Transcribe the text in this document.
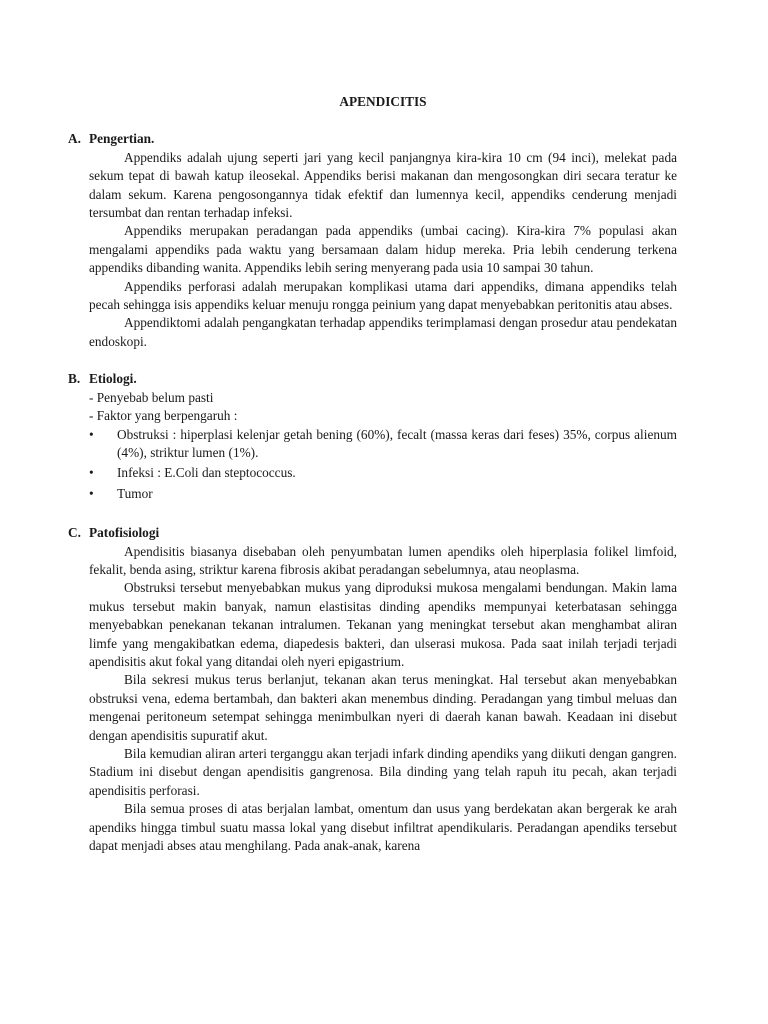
APENDICITIS

A. Pengertian.

Appendiks adalah ujung seperti jari yang kecil panjangnya kira-kira 10 cm (94 inci), melekat pada sekum tepat di bawah katup ileosekal. Appendiks berisi makanan dan mengosongkan diri secara teratur ke dalam sekum. Karena pengosongannya tidak efektif dan lumennya kecil, appendiks cenderung menjadi tersumbat dan rentan terhadap infeksi.

Appendiks merupakan peradangan pada appendiks (umbai cacing). Kira-kira 7% populasi akan mengalami appendiks pada waktu yang bersamaan dalam hidup mereka. Pria lebih cenderung terkena appendiks dibanding wanita. Appendiks lebih sering menyerang pada usia 10 sampai 30 tahun.

Appendiks perforasi adalah merupakan komplikasi utama dari appendiks, dimana appendiks telah pecah sehingga isis appendiks keluar menuju rongga peinium yang dapat menyebabkan peritonitis atau abses.

Appendiktomi adalah pengangkatan terhadap appendiks terimplamasi dengan prosedur atau pendekatan endoskopi.

B. Etiologi.

- Penyebab belum pasti

- Faktor yang berpengaruh :

• Obstruksi : hiperplasi kelenjar getah bening (60%), fecalt (massa keras dari feses) 35%, corpus alienum (4%), striktur lumen (1%).
• Infeksi : E.Coli dan steptococcus.
• Tumor

C. Patofisiologi

Apendisitis biasanya disebaban oleh penyumbatan lumen apendiks oleh hiperplasia folikel limfoid, fekalit, benda asing, striktur karena fibrosis akibat peradangan sebelumnya, atau neoplasma.

Obstruksi tersebut menyebabkan mukus yang diproduksi mukosa mengalami bendungan. Makin lama mukus tersebut makin banyak, namun elastisitas dinding apendiks mempunyai keterbatasan sehingga menyebabkan penekanan tekanan intralumen. Tekanan yang meningkat tersebut akan menghambat aliran limfe yang mengakibatkan edema, diapedesis bakteri, dan ulserasi mukosa. Pada saat inilah terjadi terjadi apendisitis akut fokal yang ditandai oleh nyeri epigastrium.

Bila sekresi mukus terus berlanjut, tekanan akan terus meningkat. Hal tersebut akan menyebabkan obstruksi vena, edema bertambah, dan bakteri akan menembus dinding. Peradangan yang timbul meluas dan mengenai peritoneum setempat sehingga menimbulkan nyeri di daerah kanan bawah. Keadaan ini disebut dengan apendisitis supuratif akut.

Bila kemudian aliran arteri terganggu akan terjadi infark dinding apendiks yang diikuti dengan gangren. Stadium ini disebut dengan apendisitis gangrenosa. Bila dinding yang telah rapuh itu pecah, akan terjadi apendisitis perforasi.

Bila semua proses di atas berjalan lambat, omentum dan usus yang berdekatan akan bergerak ke arah apendiks hingga timbul suatu massa lokal yang disebut infiltrat apendikularis. Peradangan apendiks tersebut dapat menjadi abses atau menghilang. Pada anak-anak, karena
